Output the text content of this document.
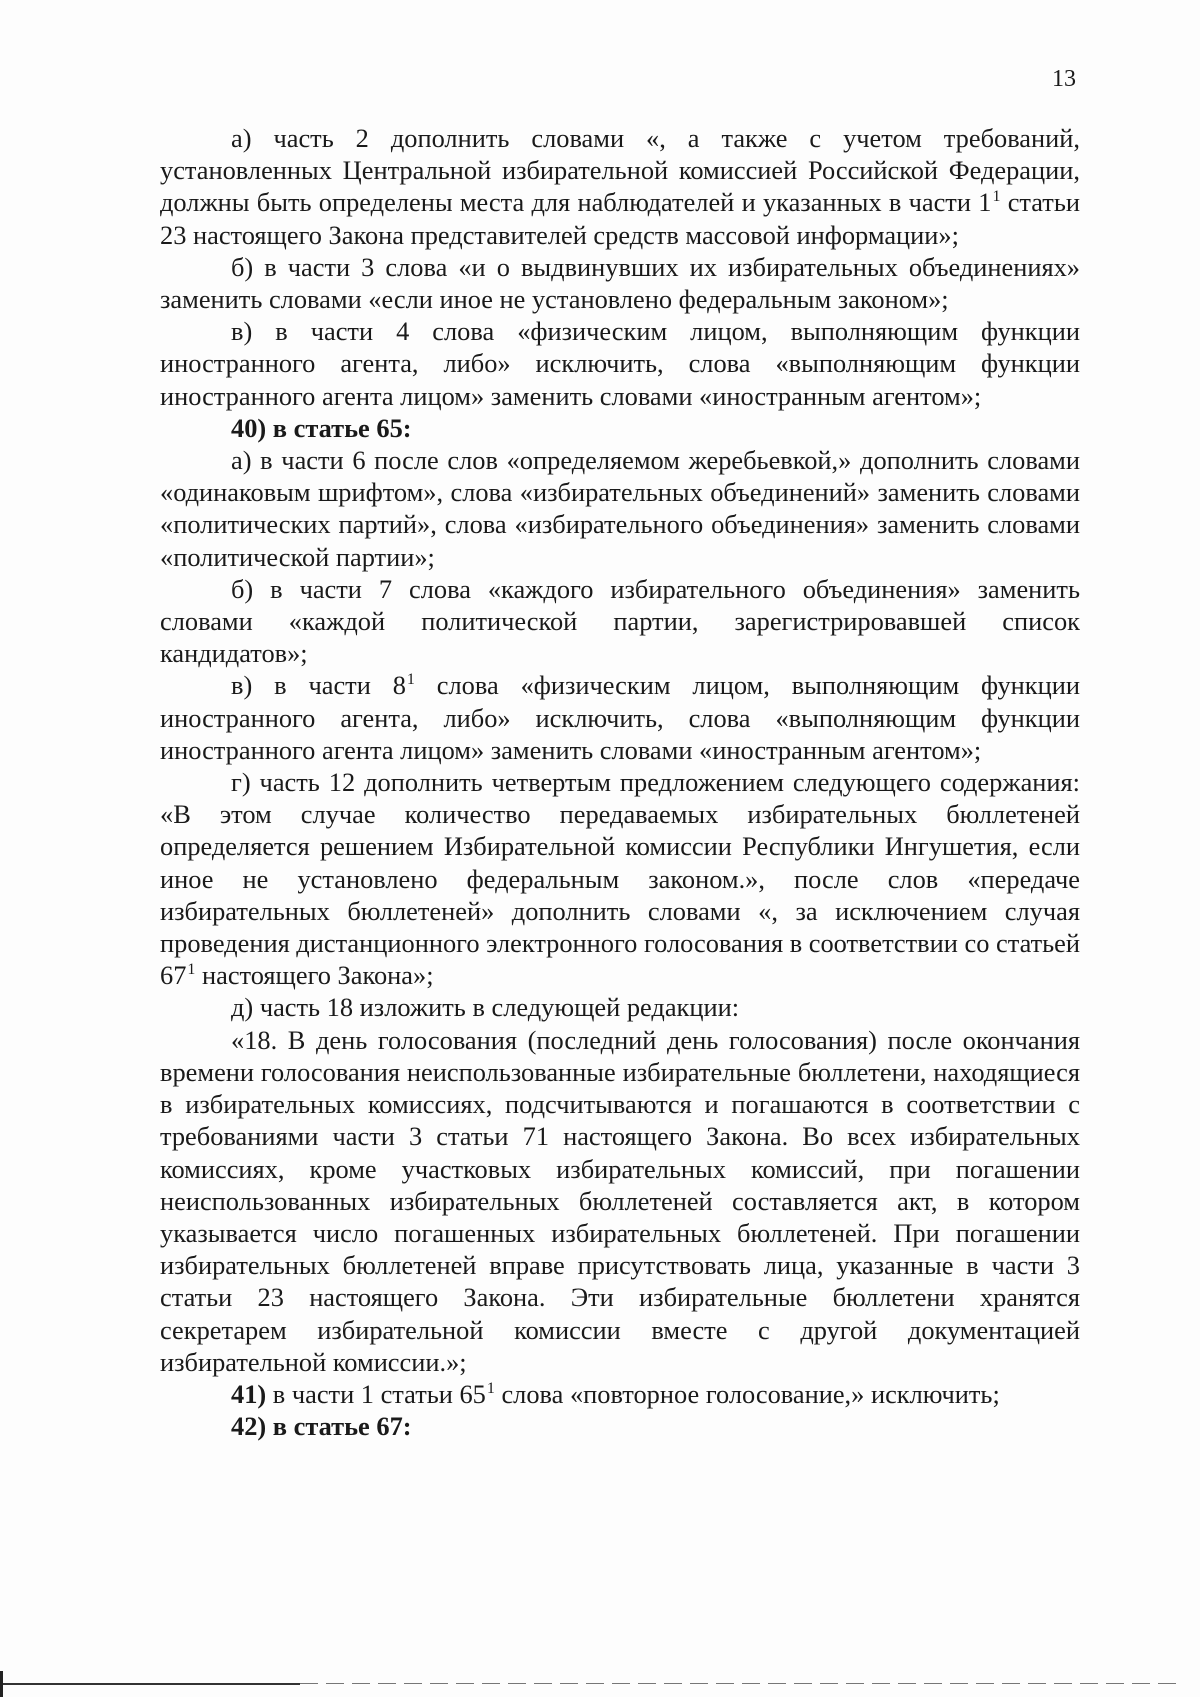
13

а) часть 2 дополнить словами «, а также с учетом требований, установленных Центральной избирательной комиссией Российской Федерации, должны быть определены места для наблюдателей и указанных в части $1^1$ статьи 23 настоящего Закона представителей средств массовой информации»;

б) в части 3 слова «и о выдвинувших их избирательных объединениях» заменить словами «если иное не установлено федеральным законом»;

в) в части 4 слова «физическим лицом, выполняющим функции иностранного агента, либо» исключить, слова «выполняющим функции иностранного агента лицом» заменить словами «иностранным агентом»;

40) в статье 65:

а) в части 6 после слов «определяемом жеребьевкой,» дополнить словами «одинаковым шрифтом», слова «избирательных объединений» заменить словами «политических партий», слова «избирательного объединения» заменить словами «политической партии»;

б) в части 7 слова «каждого избирательного объединения» заменить словами «каждой политической партии, зарегистрировавшей список кандидатов»;

в) в части $8^1$ слова «физическим лицом, выполняющим функции иностранного агента, либо» исключить, слова «выполняющим функции иностранного агента лицом» заменить словами «иностранным агентом»;

г) часть 12 дополнить четвертым предложением следующего содержания: «В этом случае количество передаваемых избирательных бюллетеней определяется решением Избирательной комиссии Республики Ингушетия, если иное не установлено федеральным законом.», после слов «передаче избирательных бюллетеней» дополнить словами «, за исключением случая проведения дистанционного электронного голосования в соответствии со статьей $67^1$ настоящего Закона»;

д) часть 18 изложить в следующей редакции:

«18. В день голосования (последний день голосования) после окончания времени голосования неиспользованные избирательные бюллетени, находящиеся в избирательных комиссиях, подсчитываются и погашаются в соответствии с требованиями части 3 статьи 71 настоящего Закона. Во всех избирательных комиссиях, кроме участковых избирательных комиссий, при погашении неиспользованных избирательных бюллетеней составляется акт, в котором указывается число погашенных избирательных бюллетеней. При погашении избирательных бюллетеней вправе присутствовать лица, указанные в части 3 статьи 23 настоящего Закона. Эти избирательные бюллетени хранятся секретарем избирательной комиссии вместе с другой документацией избирательной комиссии.»;

41) в части 1 статьи $65^1$ слова «повторное голосование,» исключить;

42) в статье 67:
